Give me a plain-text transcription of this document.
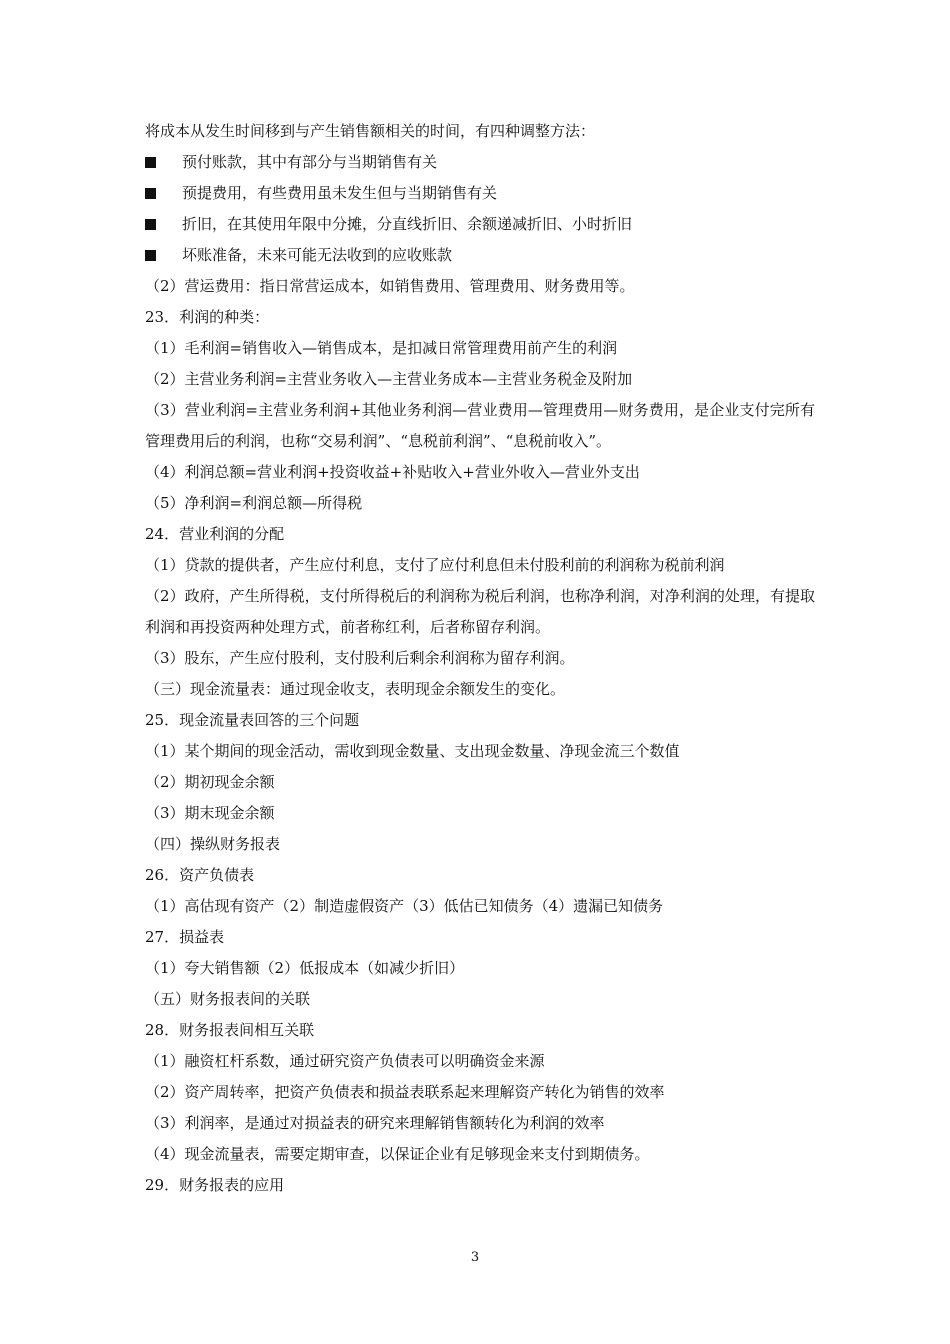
将成本从发生时间移到与产生销售额相关的时间，有四种调整方法：
预付账款，其中有部分与当期销售有关
预提费用，有些费用虽未发生但与当期销售有关
折旧，在其使用年限中分摊，分直线折旧、余额递减折旧、小时折旧
坏账准备，未来可能无法收到的应收账款
（2）营运费用：指日常营运成本，如销售费用、管理费用、财务费用等。
23．利润的种类：
（1）毛利润=销售收入—销售成本，是扣减日常管理费用前产生的利润
（2）主营业务利润=主营业务收入—主营业务成本—主营业务税金及附加
（3）营业利润=主营业务利润+其他业务利润—营业费用—管理费用—财务费用，是企业支付完所有管理费用后的利润，也称“交易利润”、“息税前利润”、“息税前收入”。
（4）利润总额=营业利润+投资收益+补贴收入+营业外收入—营业外支出
（5）净利润=利润总额—所得税
24．营业利润的分配
（1）贷款的提供者，产生应付利息，支付了应付利息但未付股利前的利润称为税前利润
（2）政府，产生所得税，支付所得税后的利润称为税后利润，也称净利润，对净利润的处理，有提取利润和再投资两种处理方式，前者称红利，后者称留存利润。
（3）股东，产生应付股利，支付股利后剩余利润称为留存利润。
（三）现金流量表：通过现金收支，表明现金余额发生的变化。
25．现金流量表回答的三个问题
（1）某个期间的现金活动，需收到现金数量、支出现金数量、净现金流三个数值
（2）期初现金余额
（3）期末现金余额
（四）操纵财务报表
26．资产负债表
（1）高估现有资产（2）制造虚假资产（3）低估已知债务（4）遗漏已知债务
27．损益表
（1）夸大销售额（2）低报成本（如减少折旧）
（五）财务报表间的关联
28．财务报表间相互关联
（1）融资杠杆系数，通过研究资产负债表可以明确资金来源
（2）资产周转率，把资产负债表和损益表联系起来理解资产转化为销售的效率
（3）利润率，是通过对损益表的研究来理解销售额转化为利润的效率
（4）现金流量表，需要定期审查，以保证企业有足够现金来支付到期债务。
29．财务报表的应用
3
